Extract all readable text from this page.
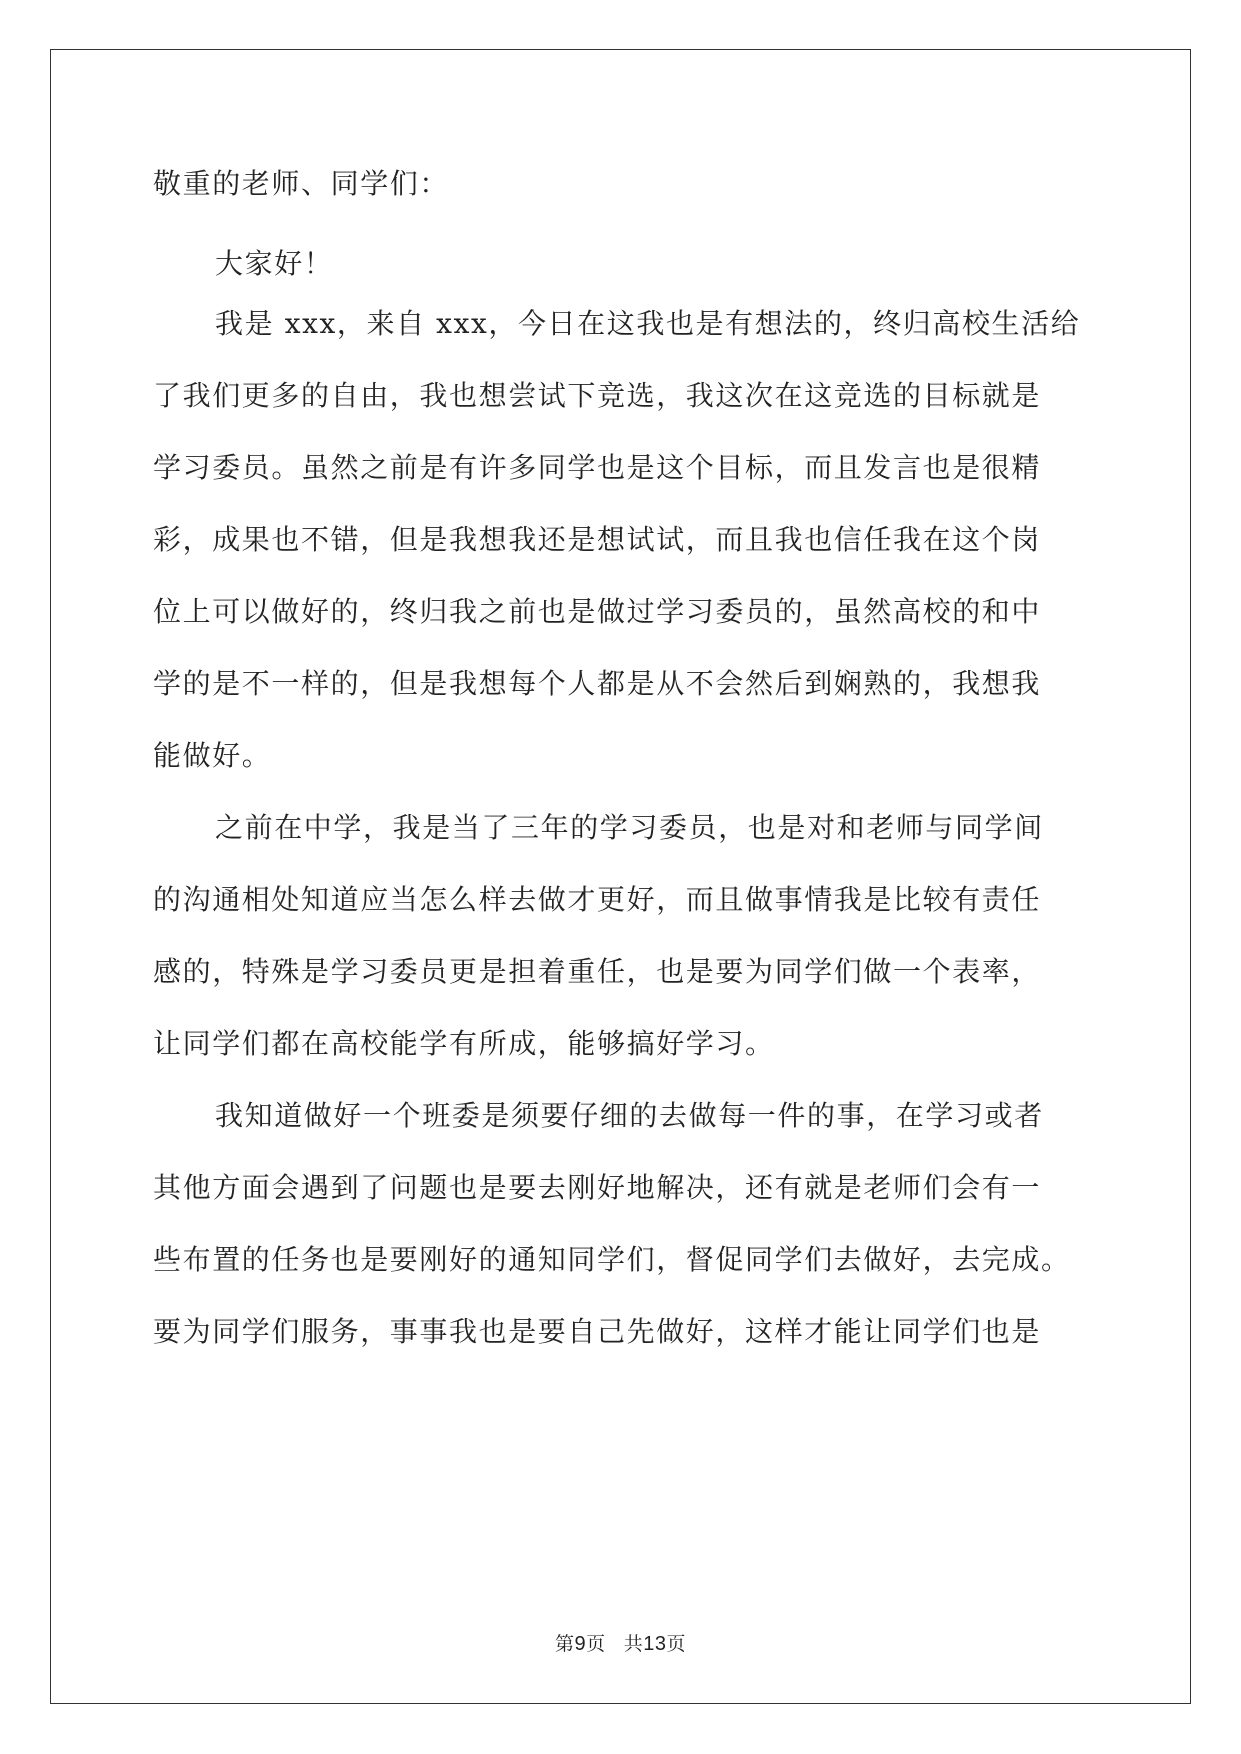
敬重的老师、同学们：
大家好！
我是 xxx，来自 xxx，今日在这我也是有想法的，终归高校生活给
了我们更多的自由，我也想尝试下竞选，我这次在这竞选的目标就是
学习委员。虽然之前是有许多同学也是这个目标，而且发言也是很精
彩，成果也不错，但是我想我还是想试试，而且我也信任我在这个岗
位上可以做好的，终归我之前也是做过学习委员的，虽然高校的和中
学的是不一样的，但是我想每个人都是从不会然后到娴熟的，我想我
能做好。
之前在中学，我是当了三年的学习委员，也是对和老师与同学间
的沟通相处知道应当怎么样去做才更好，而且做事情我是比较有责任
感的，特殊是学习委员更是担着重任，也是要为同学们做一个表率，
让同学们都在高校能学有所成，能够搞好学习。
我知道做好一个班委是须要仔细的去做每一件的事，在学习或者
其他方面会遇到了问题也是要去刚好地解决，还有就是老师们会有一
些布置的任务也是要刚好的通知同学们，督促同学们去做好，去完成。
要为同学们服务，事事我也是要自己先做好，这样才能让同学们也是
第9页 共13页
